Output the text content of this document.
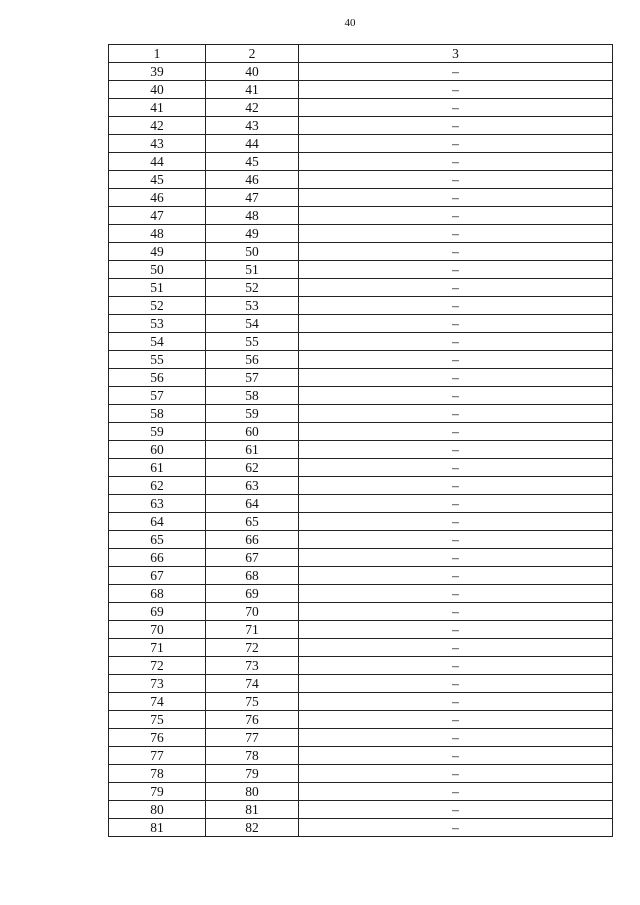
40
1	2	3
39	40	–
40	41	–
41	42	–
42	43	–
43	44	–
44	45	–
45	46	–
46	47	–
47	48	–
48	49	–
49	50	–
50	51	–
51	52	–
52	53	–
53	54	–
54	55	–
55	56	–
56	57	–
57	58	–
58	59	–
59	60	–
60	61	–
61	62	–
62	63	–
63	64	–
64	65	–
65	66	–
66	67	–
67	68	–
68	69	–
69	70	–
70	71	–
71	72	–
72	73	–
73	74	–
74	75	–
75	76	–
76	77	–
77	78	–
78	79	–
79	80	–
80	81	–
81	82	–
